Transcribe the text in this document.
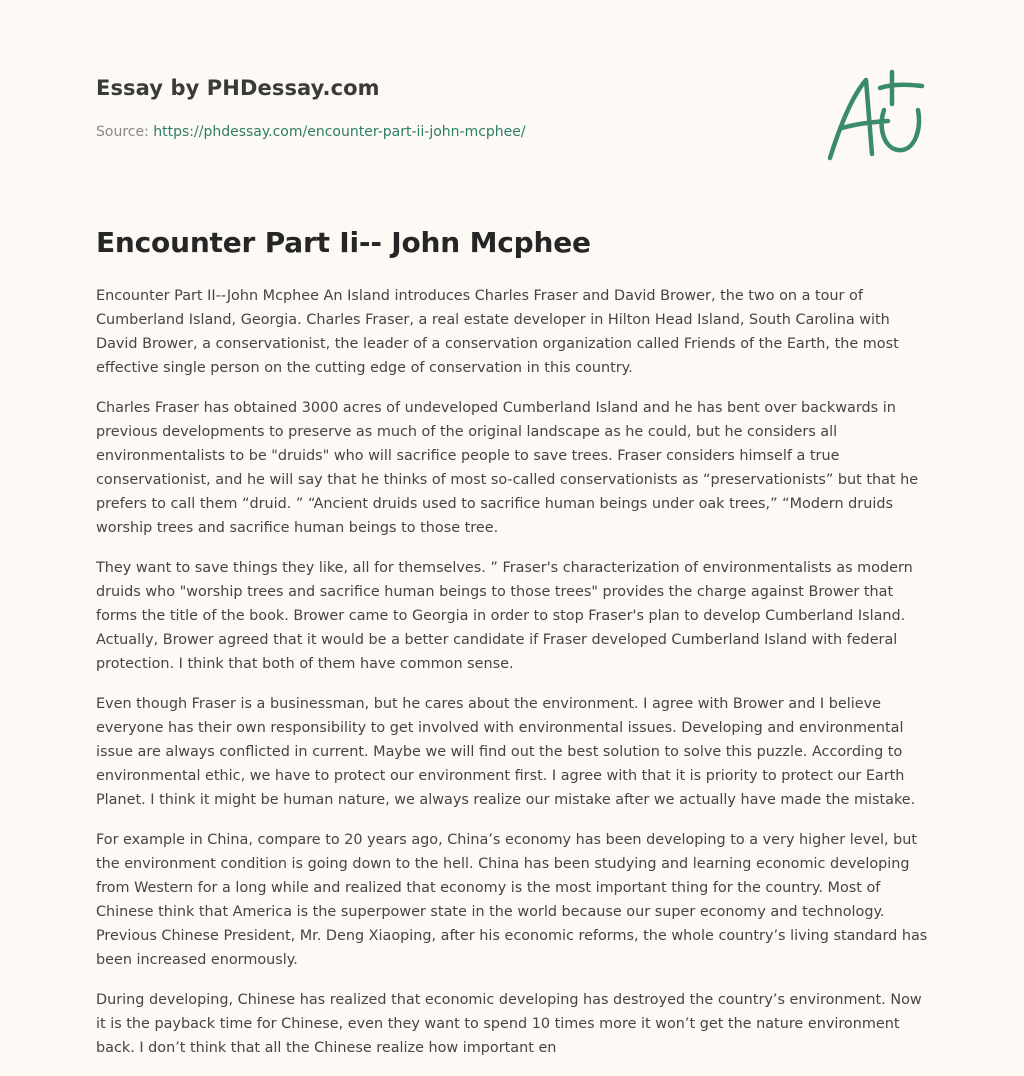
Essay by PHDessay.com
Source: https://phdessay.com/encounter-part-ii-john-mcphee/
Encounter Part Ii-- John Mcphee

Encounter Part II--John Mcphee An Island introduces Charles Fraser and David Brower, the two on a tour of Cumberland Island, Georgia. Charles Fraser, a real estate developer in Hilton Head Island, South Carolina with David Brower, a conservationist, the leader of a conservation organization called Friends of the Earth, the most effective single person on the cutting edge of conservation in this country.

Charles Fraser has obtained 3000 acres of undeveloped Cumberland Island and he has bent over backwards in previous developments to preserve as much of the original landscape as he could, but he considers all environmentalists to be "druids" who will sacrifice people to save trees. Fraser considers himself a true conservationist, and he will say that he thinks of most so-called conservationists as “preservationists” but that he prefers to call them “druid. ” “Ancient druids used to sacrifice human beings under oak trees,” “Modern druids worship trees and sacrifice human beings to those tree.

They want to save things they like, all for themselves. ” Fraser's characterization of environmentalists as modern druids who "worship trees and sacrifice human beings to those trees" provides the charge against Brower that forms the title of the book. Brower came to Georgia in order to stop Fraser's plan to develop Cumberland Island. Actually, Brower agreed that it would be a better candidate if Fraser developed Cumberland Island with federal protection. I think that both of them have common sense.

Even though Fraser is a businessman, but he cares about the environment. I agree with Brower and I believe everyone has their own responsibility to get involved with environmental issues. Developing and environmental issue are always conflicted in current. Maybe we will find out the best solution to solve this puzzle. According to environmental ethic, we have to protect our environment first. I agree with that it is priority to protect our Earth Planet. I think it might be human nature, we always realize our mistake after we actually have made the mistake.

For example in China, compare to 20 years ago, China’s economy has been developing to a very higher level, but the environment condition is going down to the hell. China has been studying and learning economic developing from Western for a long while and realized that economy is the most important thing for the country. Most of Chinese think that America is the superpower state in the world because our super economy and technology. Previous Chinese President, Mr. Deng Xiaoping, after his economic reforms, the whole country’s living standard has been increased enormously.

During developing, Chinese has realized that economic developing has destroyed the country’s environment. Now it is the payback time for Chinese, even they want to spend 10 times more it won’t get the nature environment back. I don’t think that all the Chinese realize how important en
